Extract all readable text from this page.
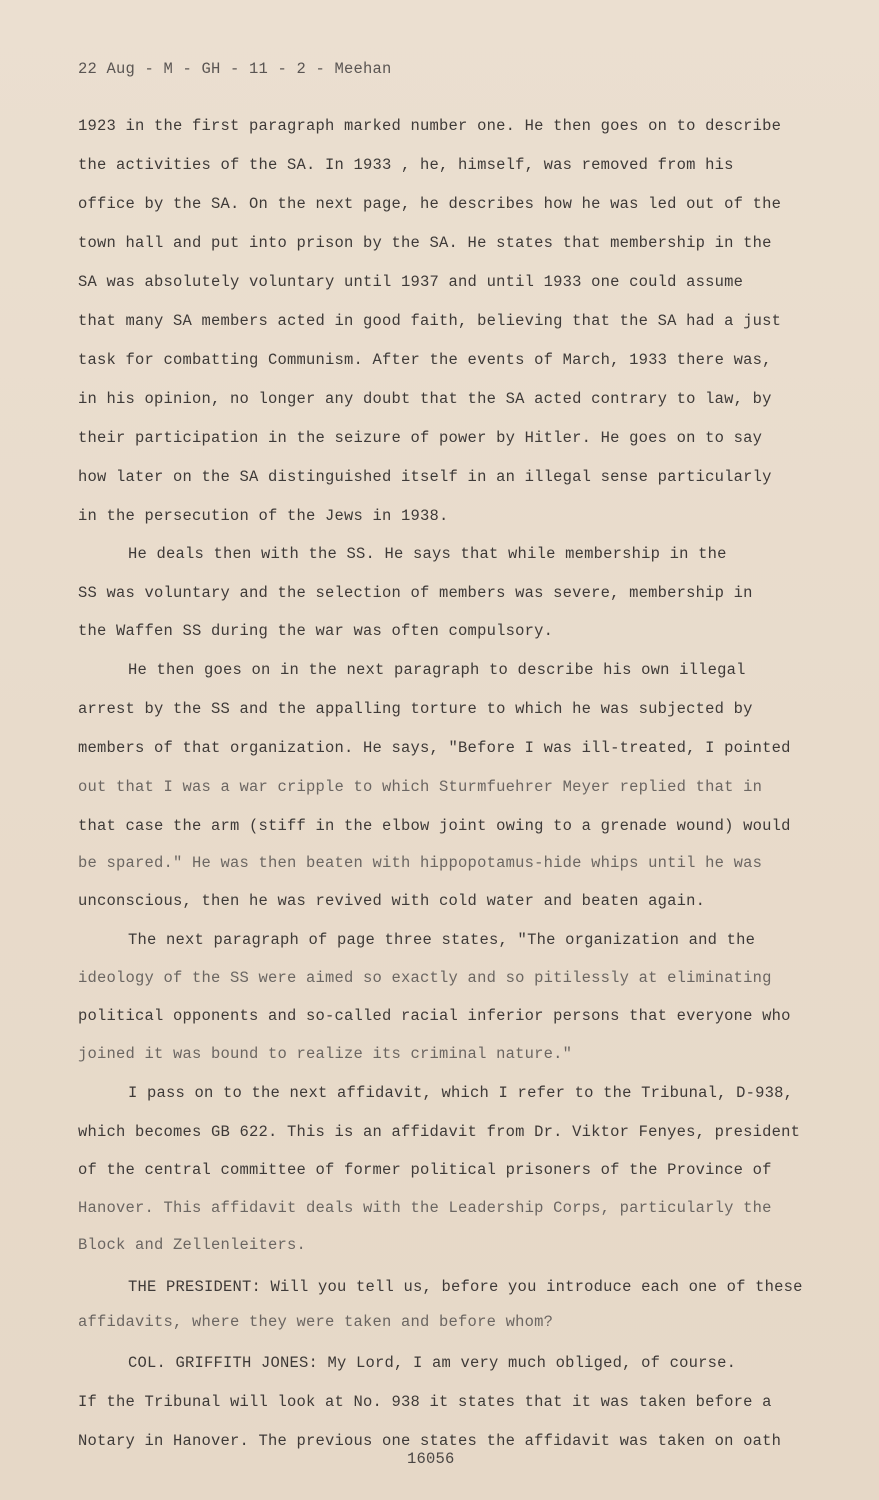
22 Aug - M - GH - 11 - 2 - Meehan
1923 in the first paragraph marked number one. He then goes on to describe
the activities of the SA. In 1933 , he, himself, was removed from his
office by the SA. On the next page, he describes how he was led out of the
town hall and put into prison by the SA. He states that membership in the
SA was absolutely voluntary until 1937 and until 1933 one could assume
that many SA members acted in good faith, believing that the SA had a just
task for combatting Communism. After the events of March, 1933 there was,
in his opinion, no longer any doubt that the SA acted contrary to law, by
their participation in the seizure of power by Hitler. He goes on to say
how later on the SA distinguished itself in an illegal sense particularly
in the persecution of the Jews in 1938.
He deals then with the SS. He says that while membership in the
SS was voluntary and the selection of members was severe, membership in
the Waffen SS during the war was often compulsory.
He then goes on in the next paragraph to describe his own illegal
arrest by the SS and the appalling torture to which he was subjected by
members of that organization. He says, "Before I was ill-treated, I pointed
out that I was a war cripple to which Sturmfuehrer Meyer replied that in
that case the arm (stiff in the elbow joint owing to a grenade wound) would
be spared." He was then beaten with hippopotamus-hide whips until he was
unconscious, then he was revived with cold water and beaten again.
The next paragraph of page three states, "The organization and the
ideology of the SS were aimed so exactly and so pitilessly at eliminating
political opponents and so-called racial inferior persons that everyone who
joined it was bound to realize its criminal nature."
I pass on to the next affidavit, which I refer to the Tribunal, D-938,
which becomes GB 622. This is an affidavit from Dr. Viktor Fenyes, president
of the central committee of former political prisoners of the Province of
Hanover. This affidavit deals with the Leadership Corps, particularly the
Block and Zellenleiters.
THE PRESIDENT: Will you tell us, before you introduce each one of these
affidavits, where they were taken and before whom?
COL. GRIFFITH JONES: My Lord, I am very much obliged, of course.
If the Tribunal will look at No. 938 it states that it was taken before a
Notary in Hanover. The previous one states the affidavit was taken on oath
16056
